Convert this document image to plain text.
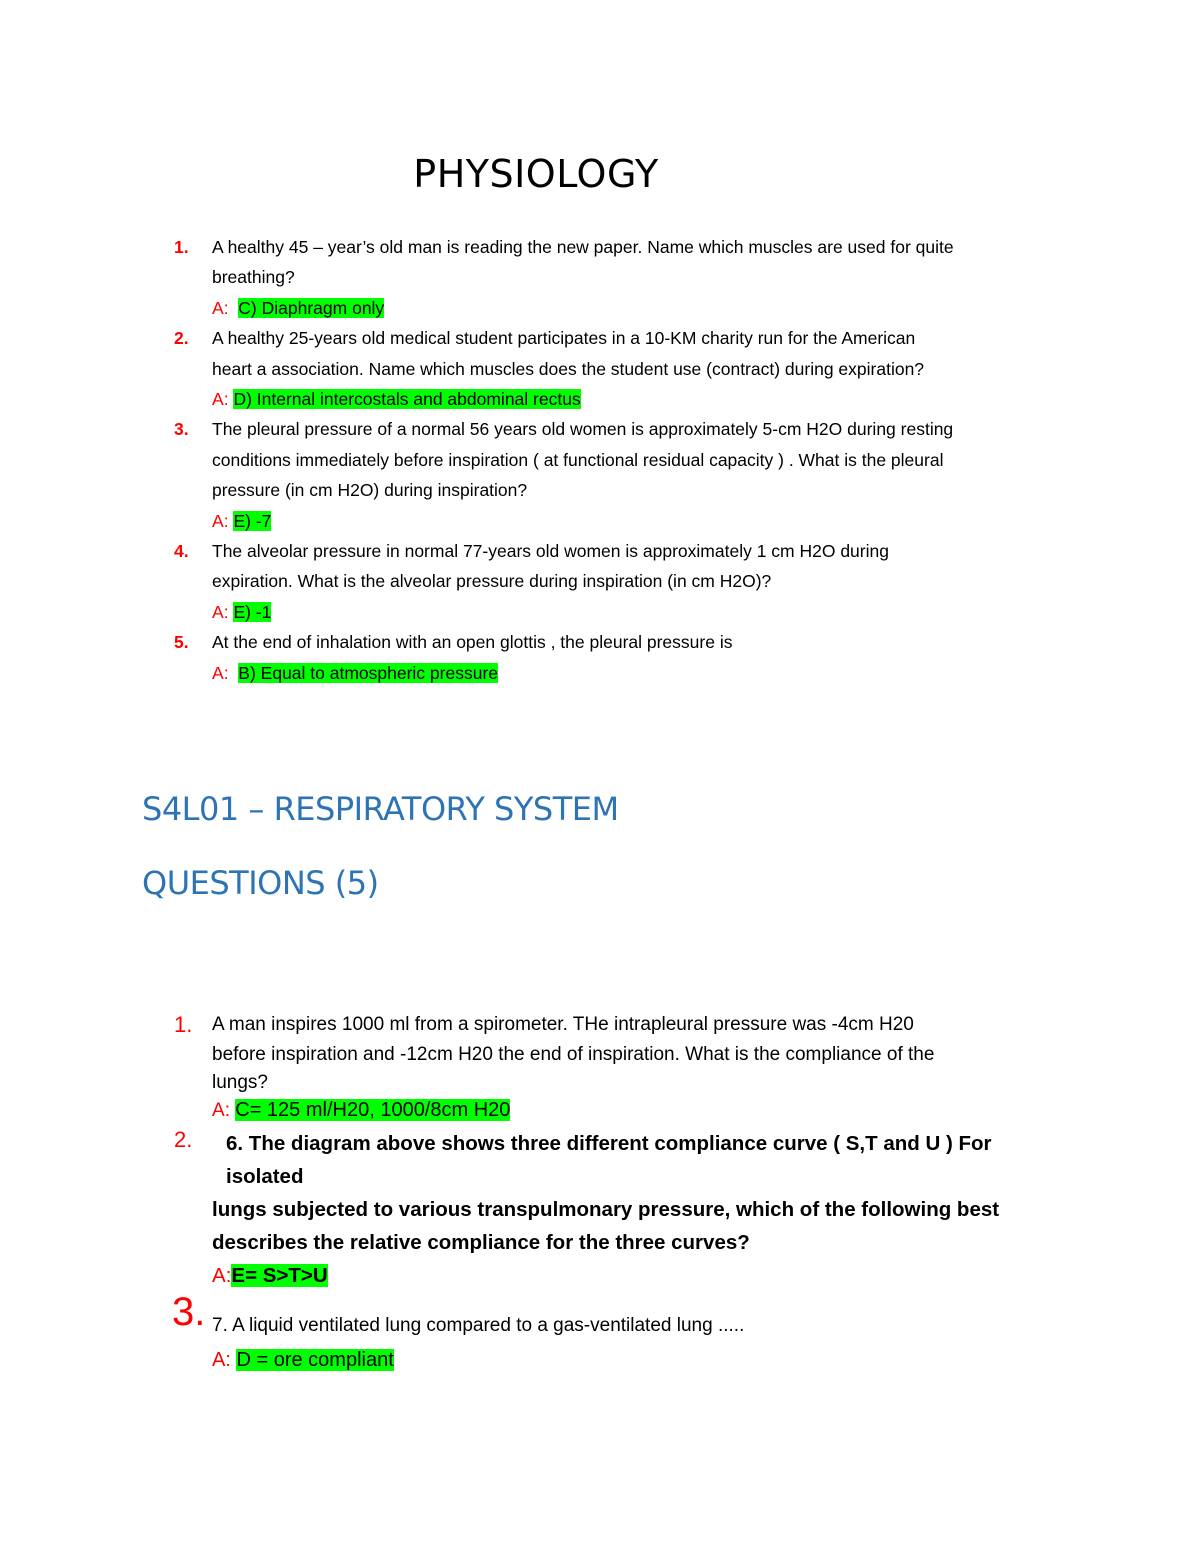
PHYSIOLOGY
1. A healthy 45 – year’s old man is reading the new paper. Name which muscles are used for quite
breathing?
A: C) Diaphragm only
2. A healthy 25-years old medical student participates in a 10-KM charity run for the American
heart a association. Name which muscles does the student use (contract) during expiration?
A: D) Internal intercostals and abdominal rectus
3. The pleural pressure of a normal 56 years old women is approximately 5-cm H2O during resting
conditions immediately before inspiration ( at functional residual capacity ) . What is the pleural
pressure (in cm H2O) during inspiration?
A: E) -7
4. The alveolar pressure in normal 77-years old women is approximately 1 cm H2O during
expiration. What is the alveolar pressure during inspiration (in cm H2O)?
A: E) -1
5. At the end of inhalation with an open glottis , the pleural pressure is
A: B) Equal to atmospheric pressure
S4L01 – RESPIRATORY SYSTEM
QUESTIONS (5)
1. A man inspires 1000 ml from a spirometer. THe intrapleural pressure was -4cm H20
before inspiration and -12cm H20 the end of inspiration. What is the compliance of the
lungs?
A: C= 125 ml/H20, 1000/8cm H20
2.	6. The diagram above shows three different compliance curve ( S,T and U ) For isolated
lungs subjected to various transpulmonary pressure, which of the following best
describes the relative compliance for the three curves?
A:E= S>T>U
3. 7. A liquid ventilated lung compared to a gas-ventilated lung .....
A: D = ore compliant
